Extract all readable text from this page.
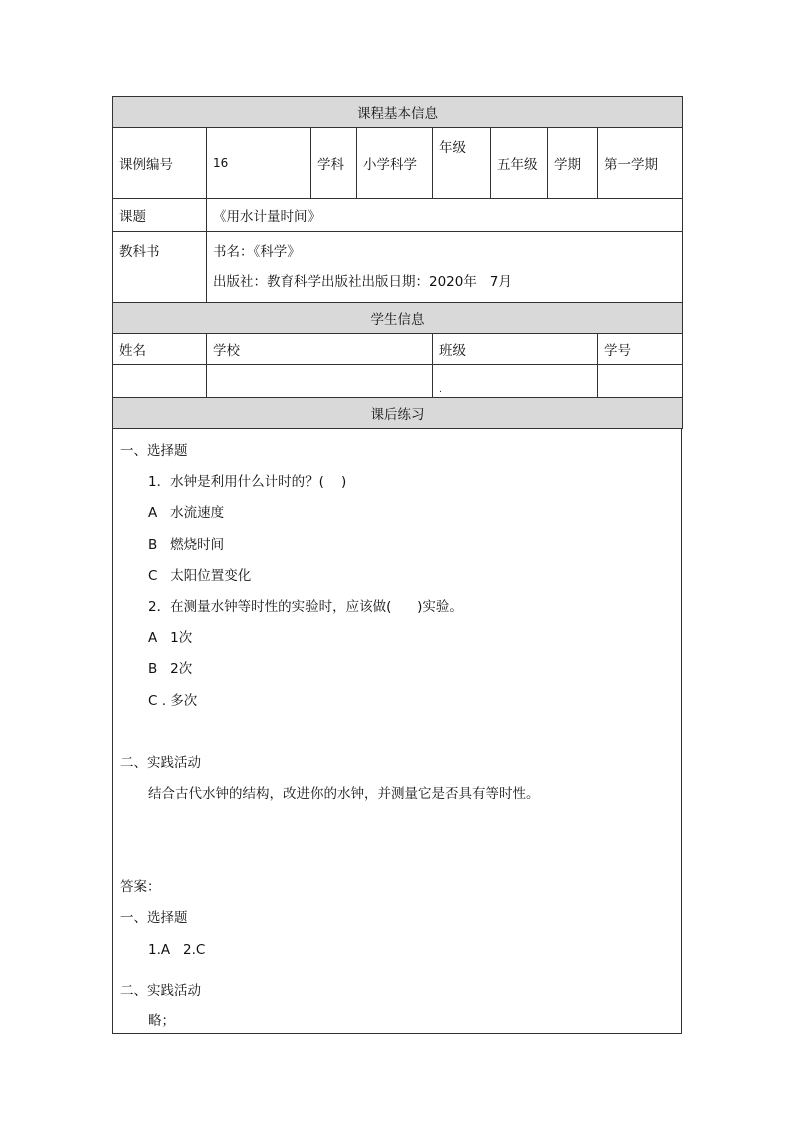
课程基本信息							
课例编号	16	学科	小学科学	年级	五年级	学期	第一学期
课题	《用水计量时间》						
教科书	书名：《科学》
出版社：教育科学出版社出版日期：2020年   7月						

学生信息							
姓名	学校			班级			学号
				.			
课后练习							
一、选择题
1．水钟是利用什么计时的？(    )
A   水流速度
B   燃烧时间
C   太阳位置变化
2．在测量水钟等时性的实验时，应该做(      )实验。
A   1次
B   2次
C . 多次
二、实践活动
结合古代水钟的结构，改进你的水钟，并测量它是否具有等时性。
答案：
一、选择题
1.A   2.C
二、实践活动
略；
